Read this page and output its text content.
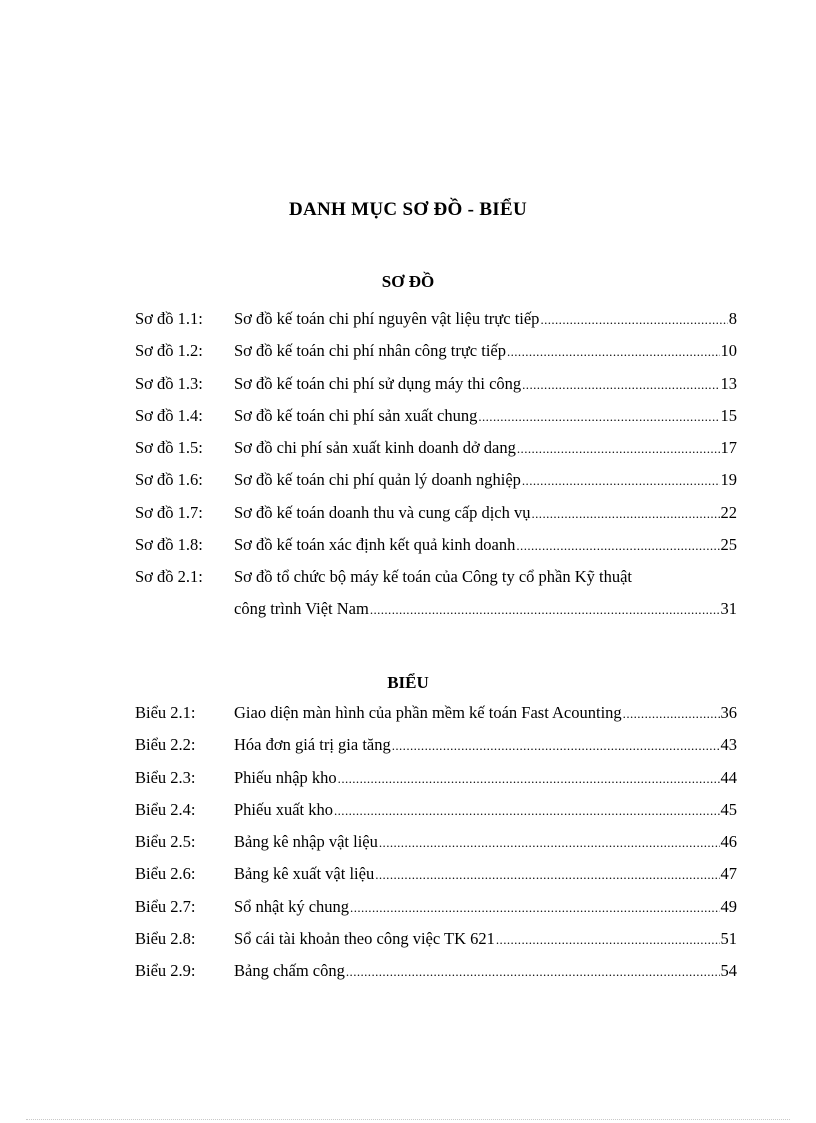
DANH MỤC SƠ ĐỒ - BIỂU
SƠ ĐỒ
Sơ đồ 1.1: Sơ đồ kế toán chi phí nguyên vật liệu trực tiếp .....	8
Sơ đồ 1.2: Sơ đồ kế toán chi phí nhân công trực tiếp .....	10
Sơ đồ 1.3: Sơ đồ kế toán chi phí sử dụng máy thi công .....	13
Sơ đồ 1.4: Sơ đồ kế toán chi phí sản xuất chung .....	15
Sơ đồ 1.5: Sơ đồ chi phí sản xuất kinh doanh dở dang .....	17
Sơ đồ 1.6: Sơ đồ kế toán chi phí quản lý doanh nghiệp .....	19
Sơ đồ 1.7: Sơ đồ kế toán doanh thu và cung cấp dịch vụ .....	22
Sơ đồ 1.8: Sơ đồ kế toán xác định kết quả kinh doanh .....	25
Sơ đồ 2.1: Sơ đồ tổ chức bộ máy kế toán của Công ty cổ phần Kỹ thuật
công trình Việt Nam .....	31
BIỂU
Biểu 2.1: Giao diện màn hình của phần mềm kế toán Fast Acounting .....	36
Biểu 2.2: Hóa đơn giá trị gia tăng .....	43
Biểu 2.3: Phiếu nhập kho .....	44
Biểu 2.4: Phiếu xuất kho .....	45
Biểu 2.5: Bảng kê nhập vật liệu .....	46
Biểu 2.6: Bảng kê xuất vật liệu .....	47
Biểu 2.7: Sổ nhật ký chung .....	49
Biểu 2.8: Sổ cái tài khoản theo công việc TK 621 .....	51
Biểu 2.9: Bảng chấm công .....	54
